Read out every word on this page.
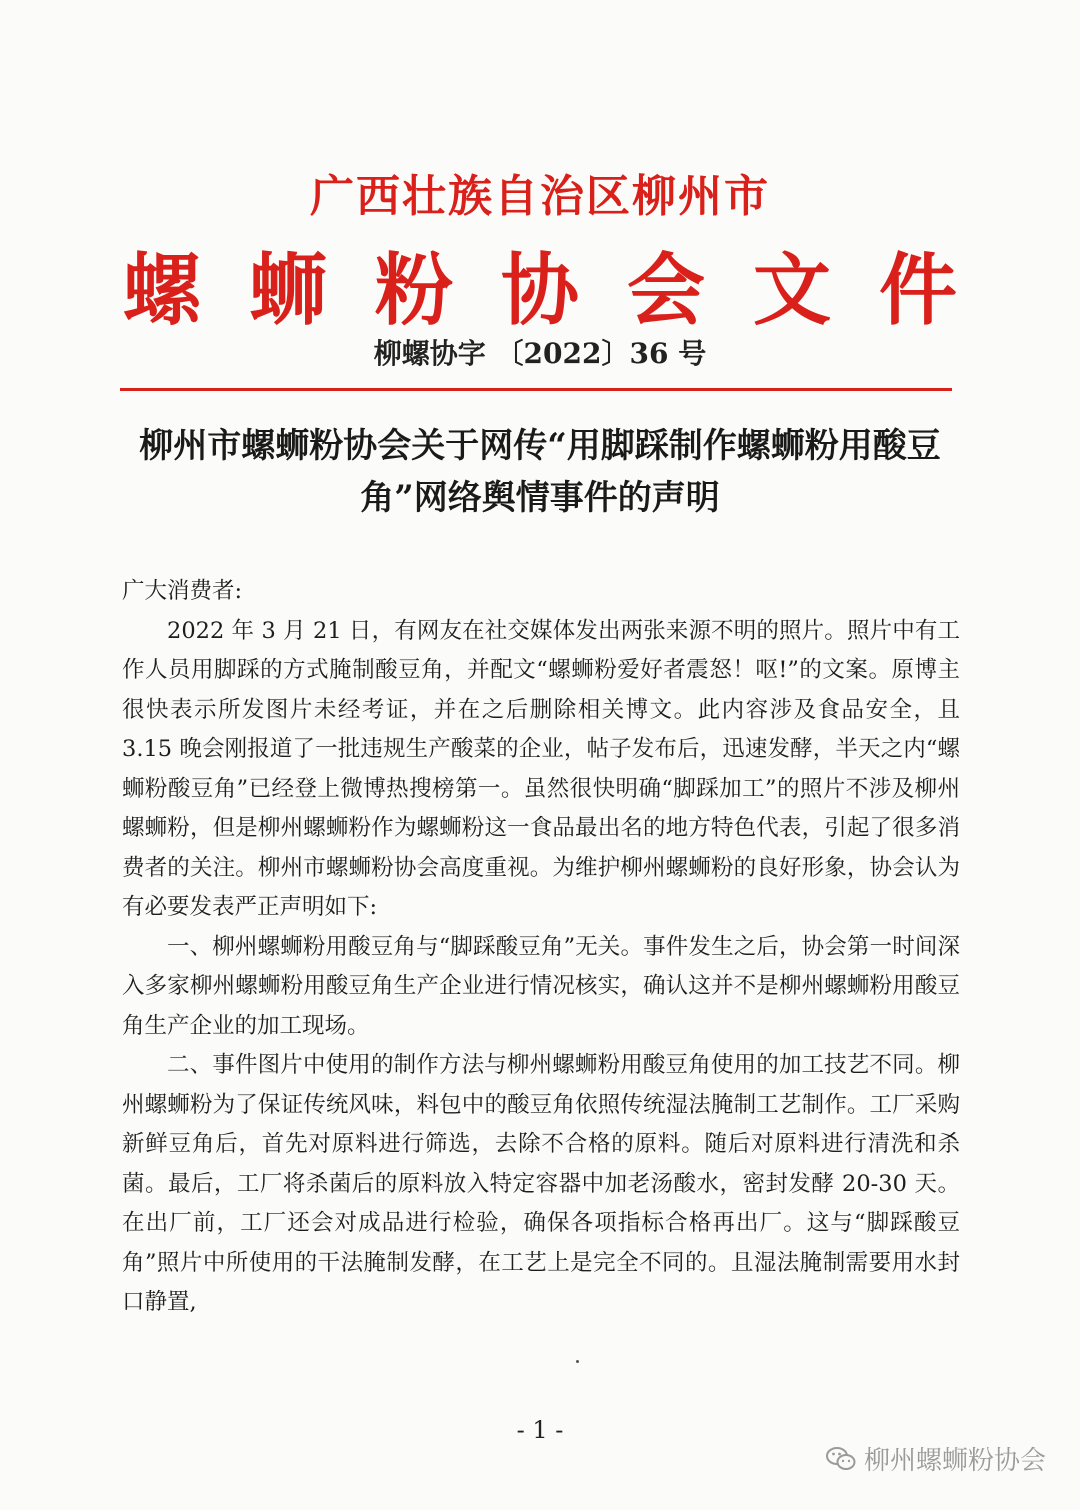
广西壮族自治区柳州市
螺蛳粉协会文件
柳螺协字 〔2022〕36 号
柳州市螺蛳粉协会关于网传“用脚踩制作螺蛳粉用酸豆角”网络舆情事件的声明

广大消费者:

2022 年 3 月 21 日，有网友在社交媒体发出两张来源不明的照片。照片中有工作人员用脚踩的方式腌制酸豆角，并配文“螺蛳粉爱好者震怒！呕!”的文案。原博主很快表示所发图片未经考证，并在之后删除相关博文。此内容涉及食品安全，且 3.15 晚会刚报道了一批违规生产酸菜的企业，帖子发布后，迅速发酵，半天之内“螺蛳粉酸豆角”已经登上微博热搜榜第一。虽然很快明确“脚踩加工”的照片不涉及柳州螺蛳粉，但是柳州螺蛳粉作为螺蛳粉这一食品最出名的地方特色代表，引起了很多消费者的关注。柳州市螺蛳粉协会高度重视。为维护柳州螺蛳粉的良好形象，协会认为有必要发表严正声明如下:

一、柳州螺蛳粉用酸豆角与“脚踩酸豆角”无关。事件发生之后，协会第一时间深入多家柳州螺蛳粉用酸豆角生产企业进行情况核实，确认这并不是柳州螺蛳粉用酸豆角生产企业的加工现场。

二、事件图片中使用的制作方法与柳州螺蛳粉用酸豆角使用的加工技艺不同。柳州螺蛳粉为了保证传统风味，料包中的酸豆角依照传统湿法腌制工艺制作。工厂采购新鲜豆角后，首先对原料进行筛选，去除不合格的原料。随后对原料进行清洗和杀菌。最后，工厂将杀菌后的原料放入特定容器中加老汤酸水，密封发酵 20-30 天。在出厂前，工厂还会对成品进行检验，确保各项指标合格再出厂。这与“脚踩酸豆角”照片中所使用的干法腌制发酵，在工艺上是完全不同的。且湿法腌制需要用水封口静置,

- 1 -
柳州螺蛳粉协会
